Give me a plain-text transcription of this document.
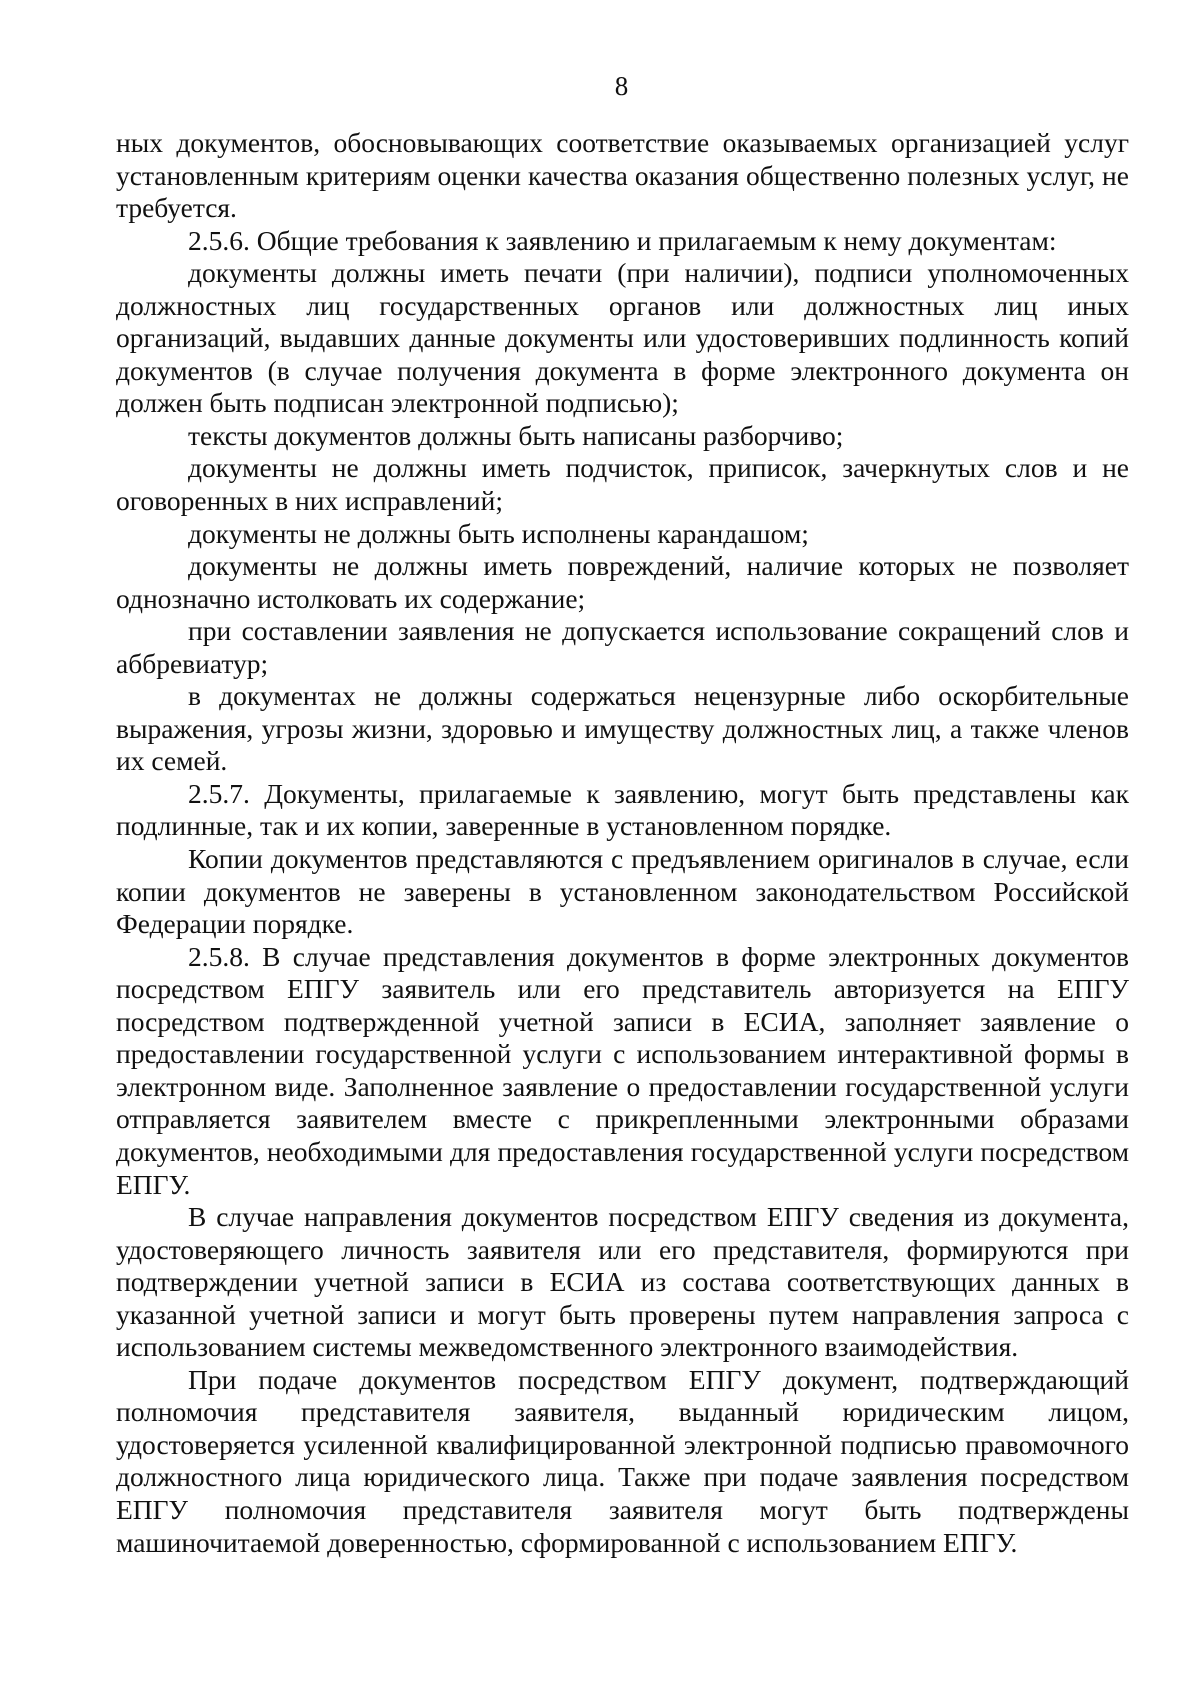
8

ных документов, обосновывающих соответствие оказываемых организацией услуг установленным критериям оценки качества оказания общественно полезных услуг, не требуется.

2.5.6. Общие требования к заявлению и прилагаемым к нему документам:

документы должны иметь печати (при наличии), подписи уполномоченных должностных лиц государственных органов или должностных лиц иных организаций, выдавших данные документы или удостоверивших подлинность копий документов (в случае получения документа в форме электронного документа он должен быть подписан электронной подписью);

тексты документов должны быть написаны разборчиво;

документы не должны иметь подчисток, приписок, зачеркнутых слов и не оговоренных в них исправлений;

документы не должны быть исполнены карандашом;

документы не должны иметь повреждений, наличие которых не позволяет однозначно истолковать их содержание;

при составлении заявления не допускается использование сокращений слов и аббревиатур;

в документах не должны содержаться нецензурные либо оскорбительные выражения, угрозы жизни, здоровью и имуществу должностных лиц, а также членов их семей.

2.5.7. Документы, прилагаемые к заявлению, могут быть представлены как подлинные, так и их копии, заверенные в установленном порядке.

Копии документов представляются с предъявлением оригиналов в случае, если копии документов не заверены в установленном законодательством Российской Федерации порядке.

2.5.8. В случае представления документов в форме электронных документов посредством ЕПГУ заявитель или его представитель авторизуется на ЕПГУ посредством подтвержденной учетной записи в ЕСИА, заполняет заявление о предоставлении государственной услуги с использованием интерактивной формы в электронном виде. Заполненное заявление о предоставлении государственной услуги отправляется заявителем вместе с прикрепленными электронными образами документов, необходимыми для предоставления государственной услуги посредством ЕПГУ.

В случае направления документов посредством ЕПГУ сведения из документа, удостоверяющего личность заявителя или его представителя, формируются при подтверждении учетной записи в ЕСИА из состава соответствующих данных в указанной учетной записи и могут быть проверены путем направления запроса с использованием системы межведомственного электронного взаимодействия.

При подаче документов посредством ЕПГУ документ, подтверждающий полномочия представителя заявителя, выданный юридическим лицом, удостоверяется усиленной квалифицированной электронной подписью правомочного должностного лица юридического лица. Также при подаче заявления посредством ЕПГУ полномочия представителя заявителя могут быть подтверждены машиночитаемой доверенностью, сформированной с использованием ЕПГУ.
